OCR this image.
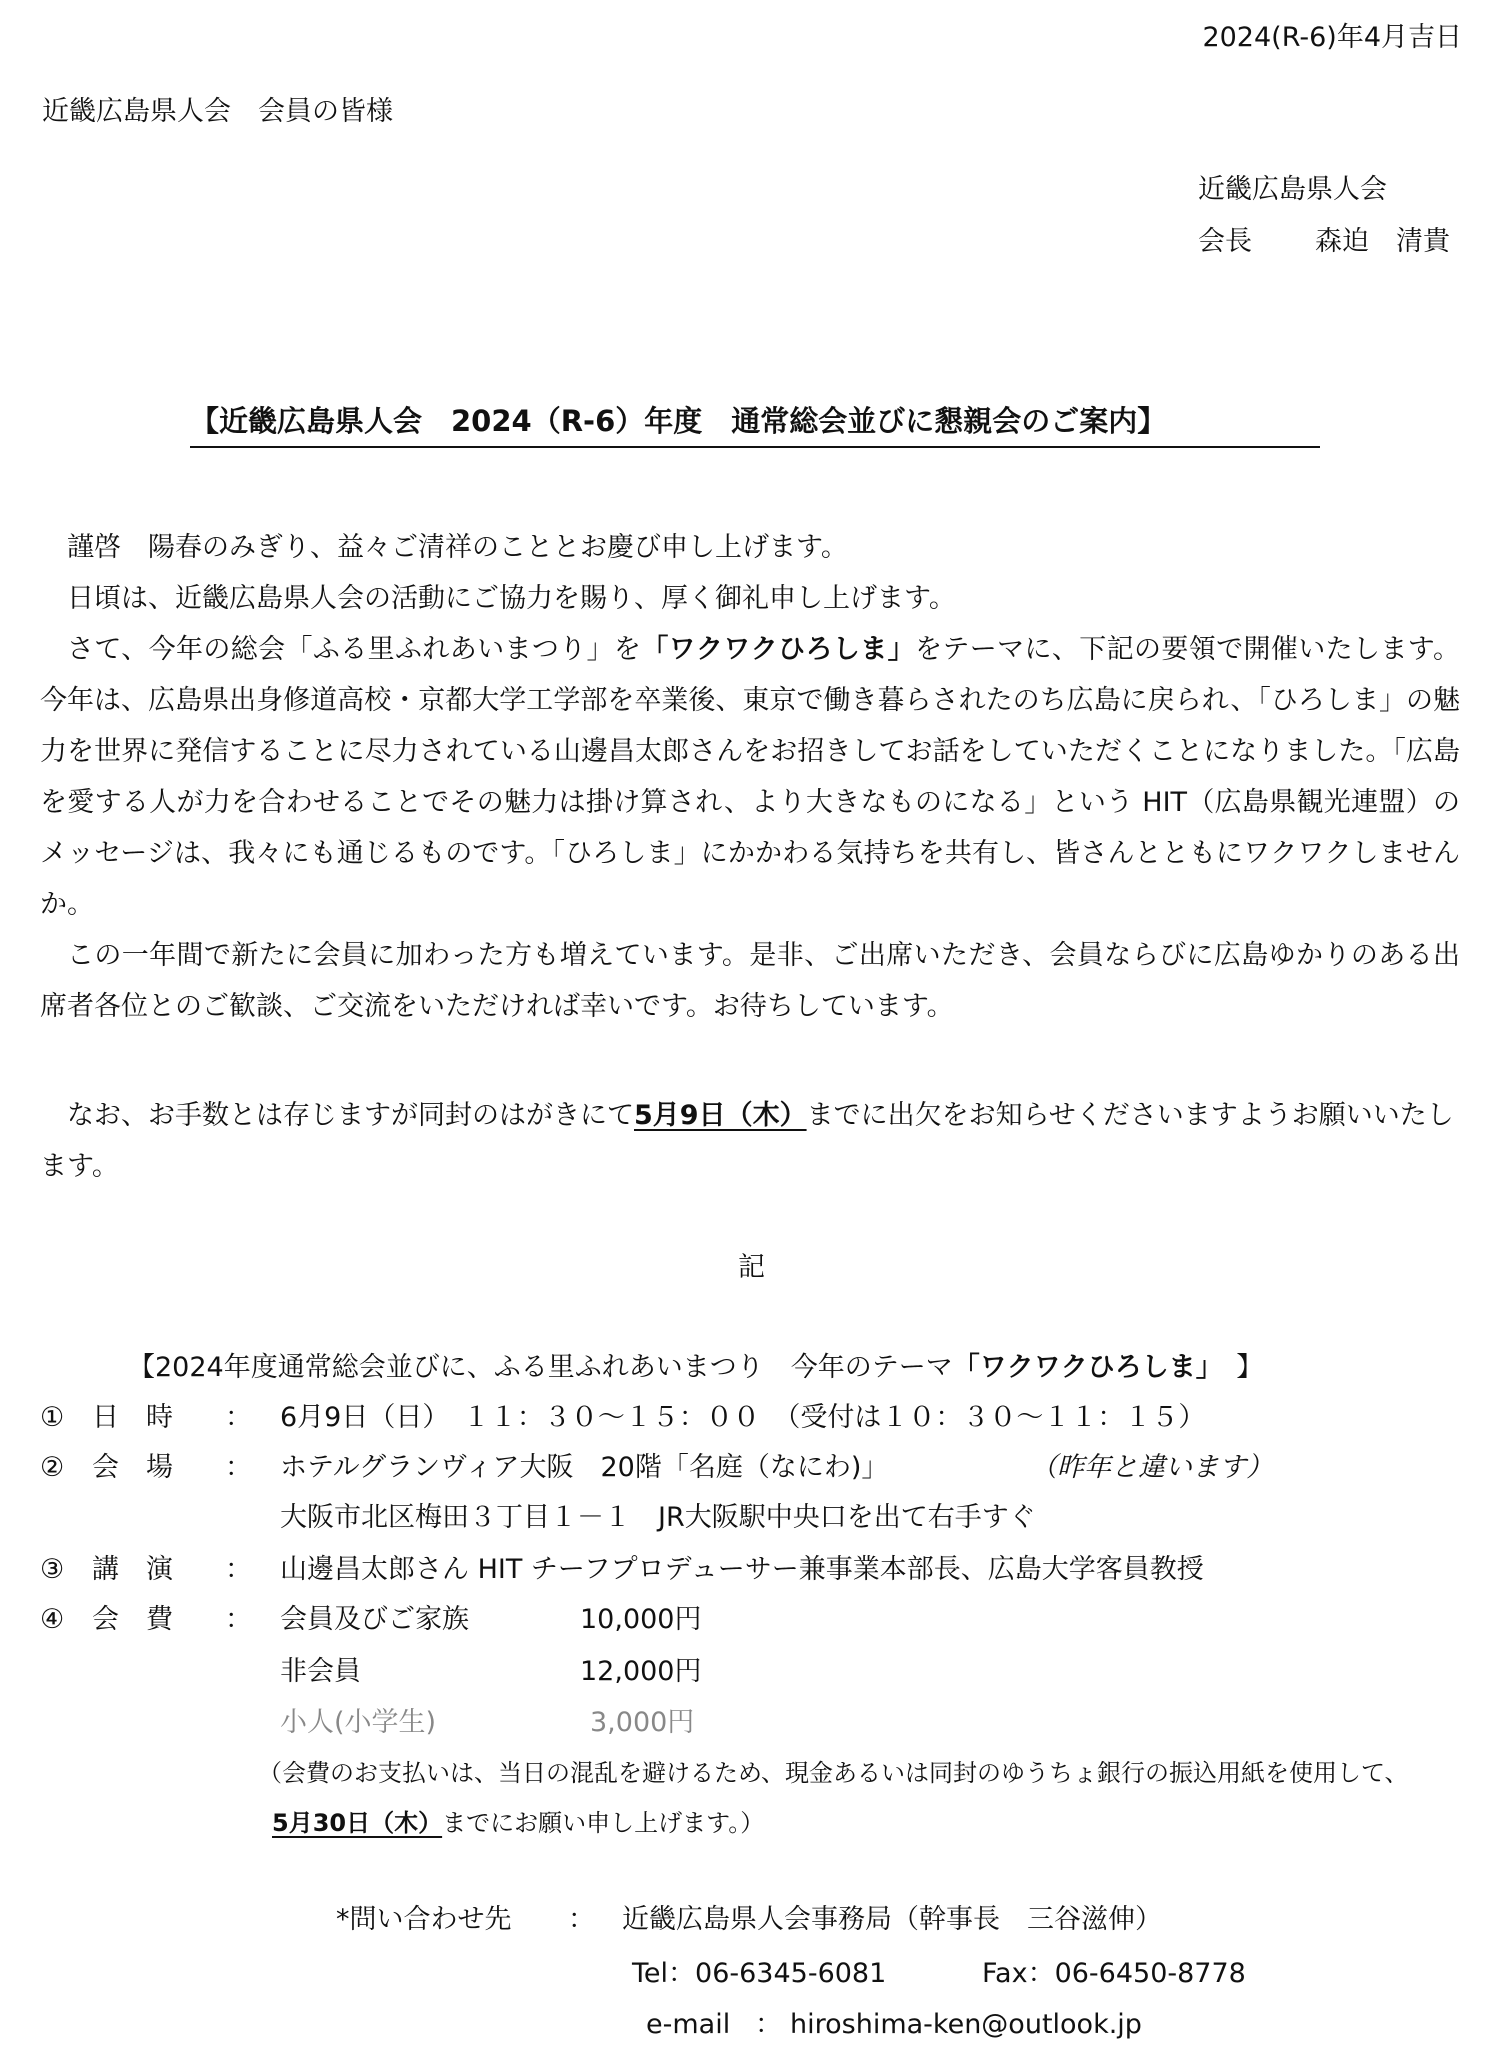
2024(R-6)年4月吉日
近畿広島県人会　会員の皆様
近畿広島県人会
会長 森迫　清貴
【近畿広島県人会　2024（R-6）年度　通常総会並びに懇親会のご案内】

謹啓　陽春のみぎり、益々ご清祥のこととお慶び申し上げます。

日頃は、近畿広島県人会の活動にご協力を賜り、厚く御礼申し上げます。

さて、今年の総会「ふる里ふれあいまつり」を「ワクワクひろしま」をテーマに、下記の要領で開催いたします。今年は、広島県出身修道高校・京都大学工学部を卒業後、東京で働き暮らされたのち広島に戻られ、「ひろしま」の魅力を世界に発信することに尽力されている山邊昌太郎さんをお招きしてお話をしていただくことになりました。「広島を愛する人が力を合わせることでその魅力は掛け算され、より大きなものになる」という HIT（広島県観光連盟）のメッセージは、我々にも通じるものです。「ひろしま」にかかわる気持ちを共有し、皆さんとともにワクワクしませんか。

この一年間で新たに会員に加わった方も増えています。是非、ご出席いただき、会員ならびに広島ゆかりのある出席者各位とのご歓談、ご交流をいただければ幸いです。お待ちしています。

なお、お手数とは存じますが同封のはがきにて5月9日（木）までに出欠をお知らせくださいますようお願いいたします。

記
【2024年度通常総会並びに、ふる里ふれあいまつり　今年のテーマ「ワクワクひろしま」　】
① 日　時 ： 6月9日（日）　１１：３０～１５：００　（受付は１０：３０～１１：１５）
② 会　場 ： ホテルグランヴィア大阪　20階「名庭（なにわ)」	（昨年と違います）
大阪市北区梅田３丁目１－１　JR大阪駅中央口を出て右手すぐ
③ 講　演 ： 山邊昌太郎さん HIT チーフプロデューサー兼事業本部長、広島大学客員教授
④ 会　費 ： 会員及びご家族	10,000円
非会員	12,000円
小人(小学生)	3,000円
（会費のお支払いは、当日の混乱を避けるため、現金あるいは同封のゆうちょ銀行の振込用紙を使用して、
5月30日（木）までにお願い申し上げます。）
*問い合わせ先 ： 近畿広島県人会事務局（幹事長　三谷滋伸）
Tel：06-6345-6081	Fax：06-6450-8778
e-mail ： hiroshima-ken@outlook.jp
